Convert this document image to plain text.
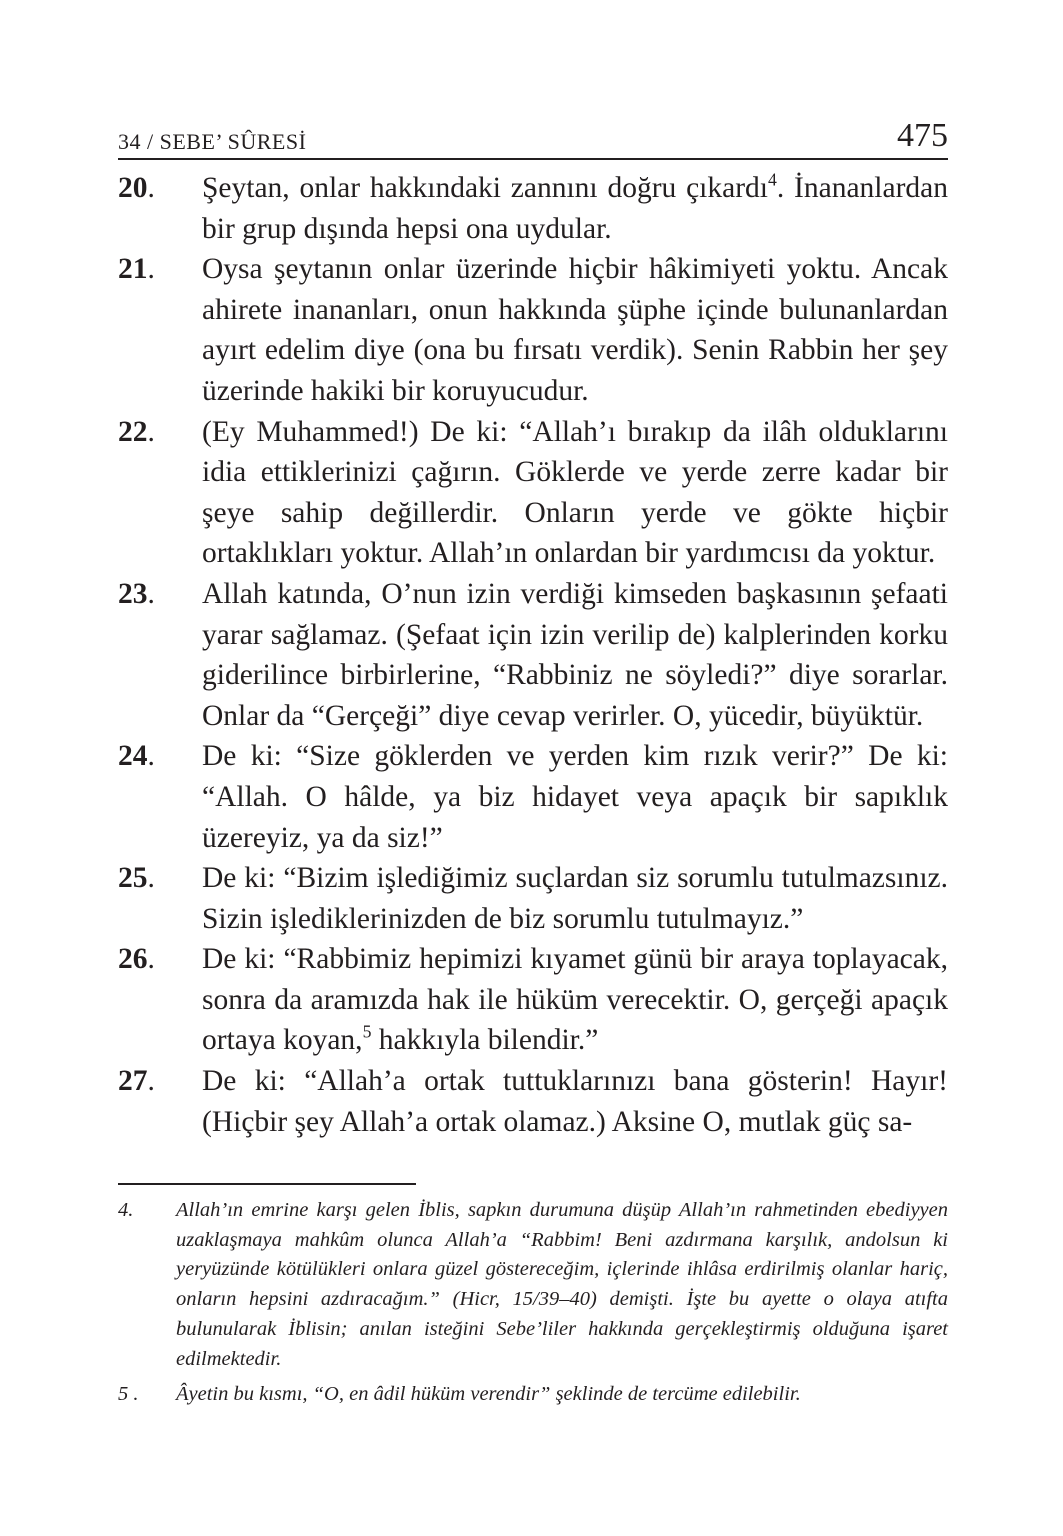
34 / SEBE’ SÛRESİ	475
20. Şeytan, onlar hakkındaki zannını doğru çıkardı$^4$. İnananlardan bir grup dışında hepsi ona uydular.
21. Oysa şeytanın onlar üzerinde hiçbir hâkimiyeti yoktu. Ancak ahirete inananları, onun hakkında şüphe içinde bulunanlardan ayırt edelim diye (ona bu fırsatı verdik). Senin Rabbin her şey üzerinde hakiki bir koruyucudur.
22. (Ey Muhammed!) De ki: “Allah’ı bırakıp da ilâh olduklarını idia ettiklerinizi çağırın. Göklerde ve yerde zerre kadar bir şeye sahip değillerdir. Onların yerde ve gökte hiçbir ortaklıkları yoktur. Allah’ın onlardan bir yardımcısı da yoktur.
23. Allah katında, O’nun izin verdiği kimseden başkasının şefaati yarar sağlamaz. (Şefaat için izin verilip de) kalplerinden korku giderilince birbirlerine, “Rabbiniz ne söyledi?” diye sorarlar. Onlar da “Gerçeği” diye cevap verirler. O, yücedir, büyüktür.
24. De ki: “Size göklerden ve yerden kim rızık verir?” De ki: “Allah. O hâlde, ya biz hidayet veya apaçık bir sapıklık üzereyiz, ya da siz!”
25. De ki: “Bizim işlediğimiz suçlardan siz sorumlu tutulmazsınız. Sizin işlediklerinizden de biz sorumlu tutulmayız.”
26. De ki: “Rabbimiz hepimizi kıyamet günü bir araya toplayacak, sonra da aramızda hak ile hüküm verecektir. O, gerçeği apaçık ortaya koyan,$^5$ hakkıyla bilendir.”
27. De ki: “Allah’a ortak tuttuklarınızı bana gösterin! Hayır! (Hiçbir şey Allah’a ortak olamaz.) Aksine O, mutlak güç sa-
4. Allah’ın emrine karşı gelen İblis, sapkın durumuna düşüp Allah’ın rahmetinden ebediyyen uzaklaşmaya mahkûm olunca Allah’a “Rabbim! Beni azdırmana karşılık, andolsun ki yeryüzünde kötülükleri onlara güzel göstereceğim, içlerinde ihlâsa erdirilmiş olanlar hariç, onların hepsini azdıracağım.” (Hicr, 15/39–40) demişti. İşte bu ayette o olaya atıfta bulunularak İblisin; anılan isteğini Sebe’liler hakkında gerçekleştirmiş olduğuna işaret edilmektedir.
5 . Âyetin bu kısmı, “O, en âdil hüküm verendir” şeklinde de tercüme edilebilir.
